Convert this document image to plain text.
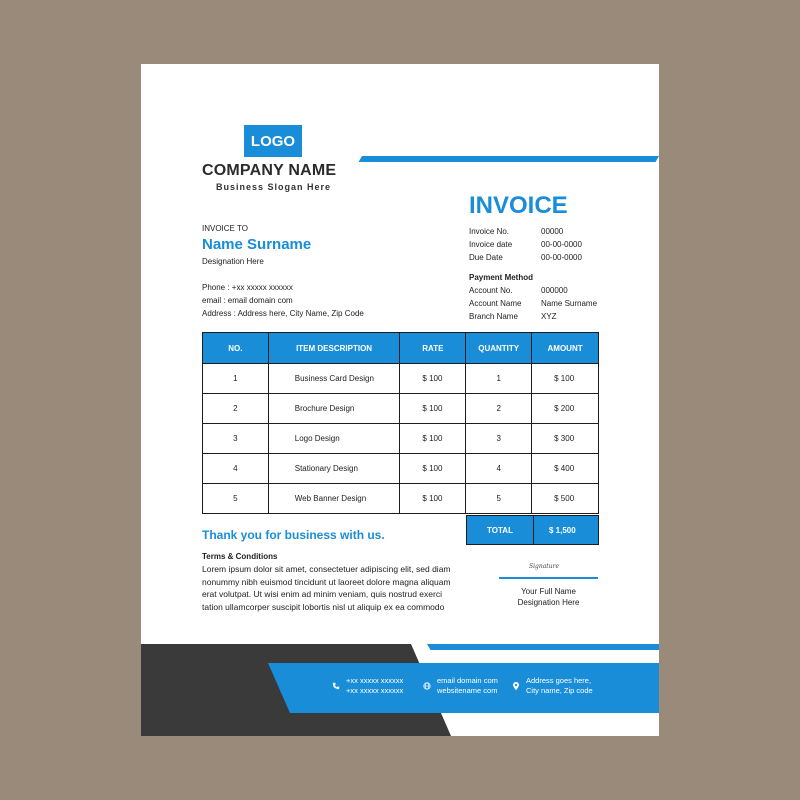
LOGO
COMPANY NAME
Business Slogan Here
INVOICE
Invoice No.	00000
Invoice date	00-00-0000
Due Date	00-00-0000
Payment Method
Account No.	000000
Account Name	Name Surname
Branch Name	XYZ
INVOICE TO
Name Surname
Designation Here
Phone : +xx xxxxx xxxxxx
email : email domain com
Address : Address here, City Name, Zip Code
NO.	ITEM DESCRIPTION	RATE	QUANTITY	AMOUNT
1	Business Card Design	$ 100	1	$ 100
2	Brochure Design	$ 100	2	$ 200
3	Logo Design	$ 100	3	$ 300
4	Stationary Design	$ 100	4	$ 400
5	Web Banner Design	$ 100	5	$ 500
TOTAL	$ 1,500
Thank you for business with us.
Terms & Conditions
Lorem ipsum dolor sit amet, consectetuer adipiscing elit, sed diam nonummy nibh euismod tincidunt ut laoreet dolore magna aliquam erat volutpat. Ut wisi enim ad minim veniam, quis nostrud exerci tation ullamcorper suscipit lobortis nisl ut aliquip ex ea commodo
Signature
Your Full Name
Designation Here
+xx xxxxx xxxxxx
+xx xxxxx xxxxxx
email domain com
websitename com
Address goes here,
City name, Zip code
